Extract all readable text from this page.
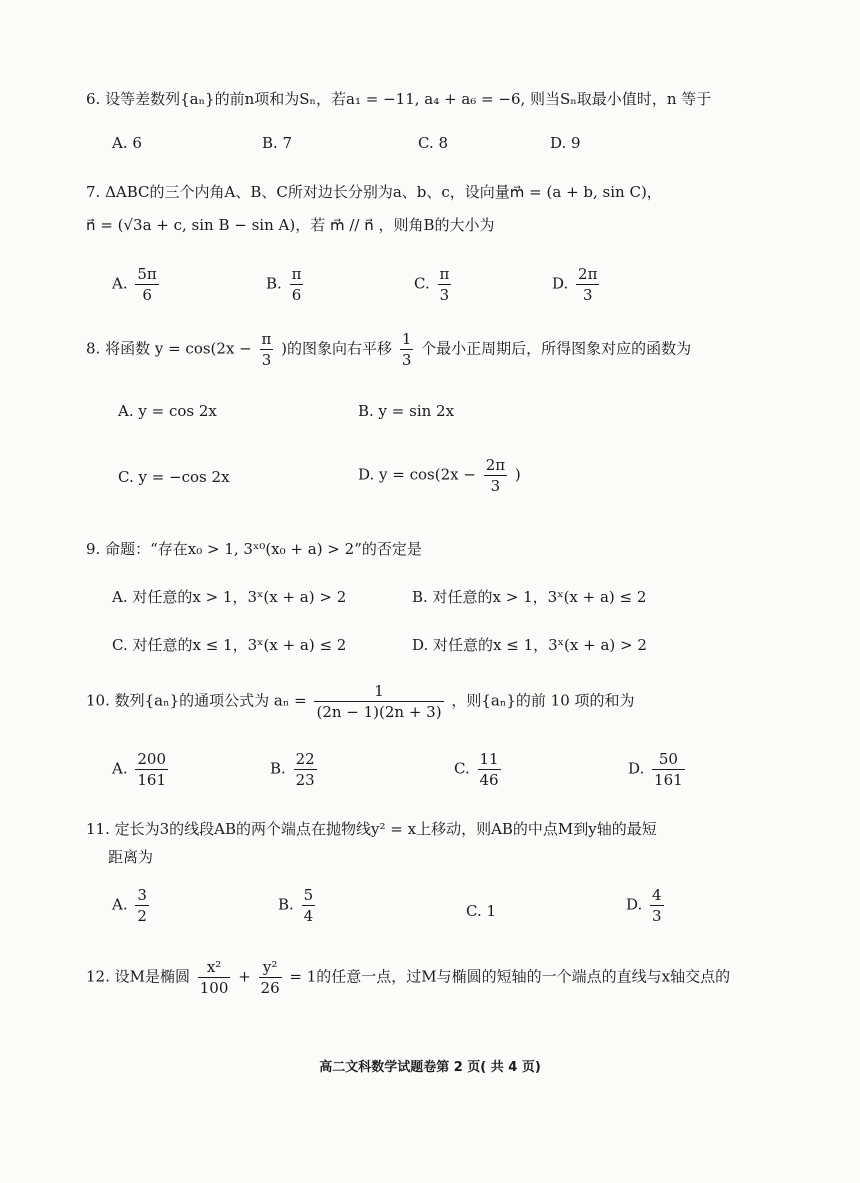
6. 设等差数列{aₙ}的前n项和为Sₙ，若a₁ = −11, a₄ + a₆ = −6, 则当Sₙ取最小值时，n 等于
A. 6	B. 7	C. 8	D. 9
7. ΔABC的三个内角A、B、C所对边长分别为a、b、c，设向量m⃗ = (a + b, sin C)，
n⃗ = (√3a + c, sin B − sin A)，若 m⃗ // n⃗ ，则角B的大小为
A. $\frac{5\pi}{6}$	B. $\frac{\pi}{6}$	C. $\frac{\pi}{3}$	D. $\frac{2\pi}{3}$
8. 将函数 $y = \cos(2x - \frac{\pi}{3}$ )的图象向右平移 $\frac{1}{3}$ 个最小正周期后，所得图象对应的函数为
A. y = cos 2x	B. y = sin 2x
C. y = −cos 2x	D. $y = \cos(2x - \frac{2\pi}{3}$ )
9. 命题：“存在x₀ > 1, 3ˣ⁰(x₀ + a) > 2”的否定是
A. 对任意的x > 1，3ˣ(x + a) > 2	B. 对任意的x > 1，3ˣ(x + a) ≤ 2
C. 对任意的x ≤ 1，3ˣ(x + a) ≤ 2	D. 对任意的x ≤ 1，3ˣ(x + a) > 2
10. 数列{aₙ}的通项公式为 $a_n = \frac{1}{(2n - 1)(2n + 3)}$ ，则{aₙ}的前 10 项的和为
A. $\frac{200}{161}$	B. $\frac{22}{23}$	C. $\frac{11}{46}$	D. $\frac{50}{161}$
11. 定长为3的线段AB的两个端点在抛物线y² = x上移动，则AB的中点M到y轴的最短
距离为
A. $\frac{3}{2}$	B. $\frac{5}{4}$	C. 1	D. $\frac{4}{3}$
12. 设M是椭圆 $\frac{\text{x²}}{100} + \frac{\text{y²}}{26} = 1$的任意一点，过M与椭圆的短轴的一个端点的直线与x轴交点的
高二文科数学试题卷第 2 页( 共 4 页)
